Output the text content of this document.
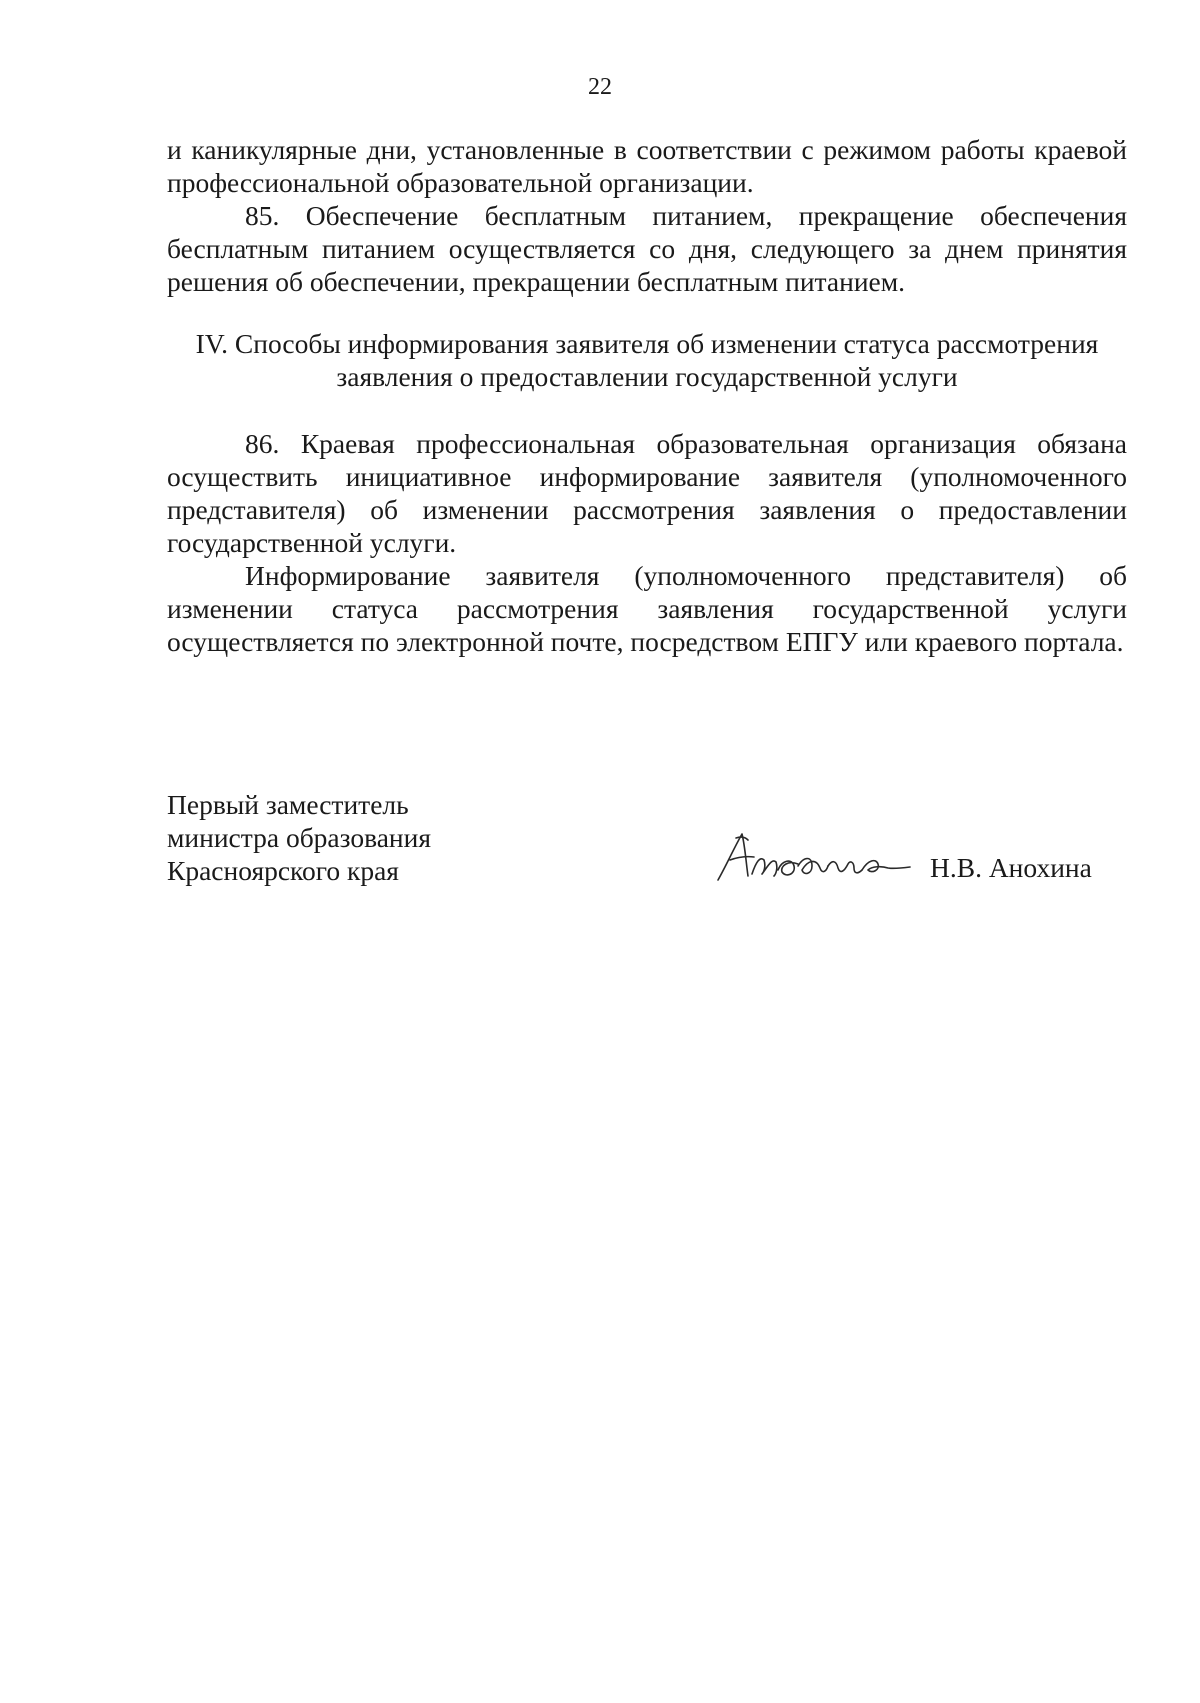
22

и каникулярные дни, установленные в соответствии с режимом работы краевой профессиональной образовательной организации.

85. Обеспечение бесплатным питанием, прекращение обеспечения бесплатным питанием осуществляется со дня, следующего за днем принятия решения об обеспечении, прекращении бесплатным питанием.

IV. Способы информирования заявителя об изменении статуса рассмотрения

заявления о предоставлении государственной услуги

86. Краевая профессиональная образовательная организация обязана осуществить инициативное информирование заявителя (уполномоченного представителя) об изменении рассмотрения заявления о предоставлении государственной услуги.

Информирование заявителя (уполномоченного представителя) об изменении статуса рассмотрения заявления государственной услуги осуществляется по электронной почте, посредством ЕПГУ или краевого портала.

Первый заместитель

министра образования

Красноярского края	Н.В. Анохина
